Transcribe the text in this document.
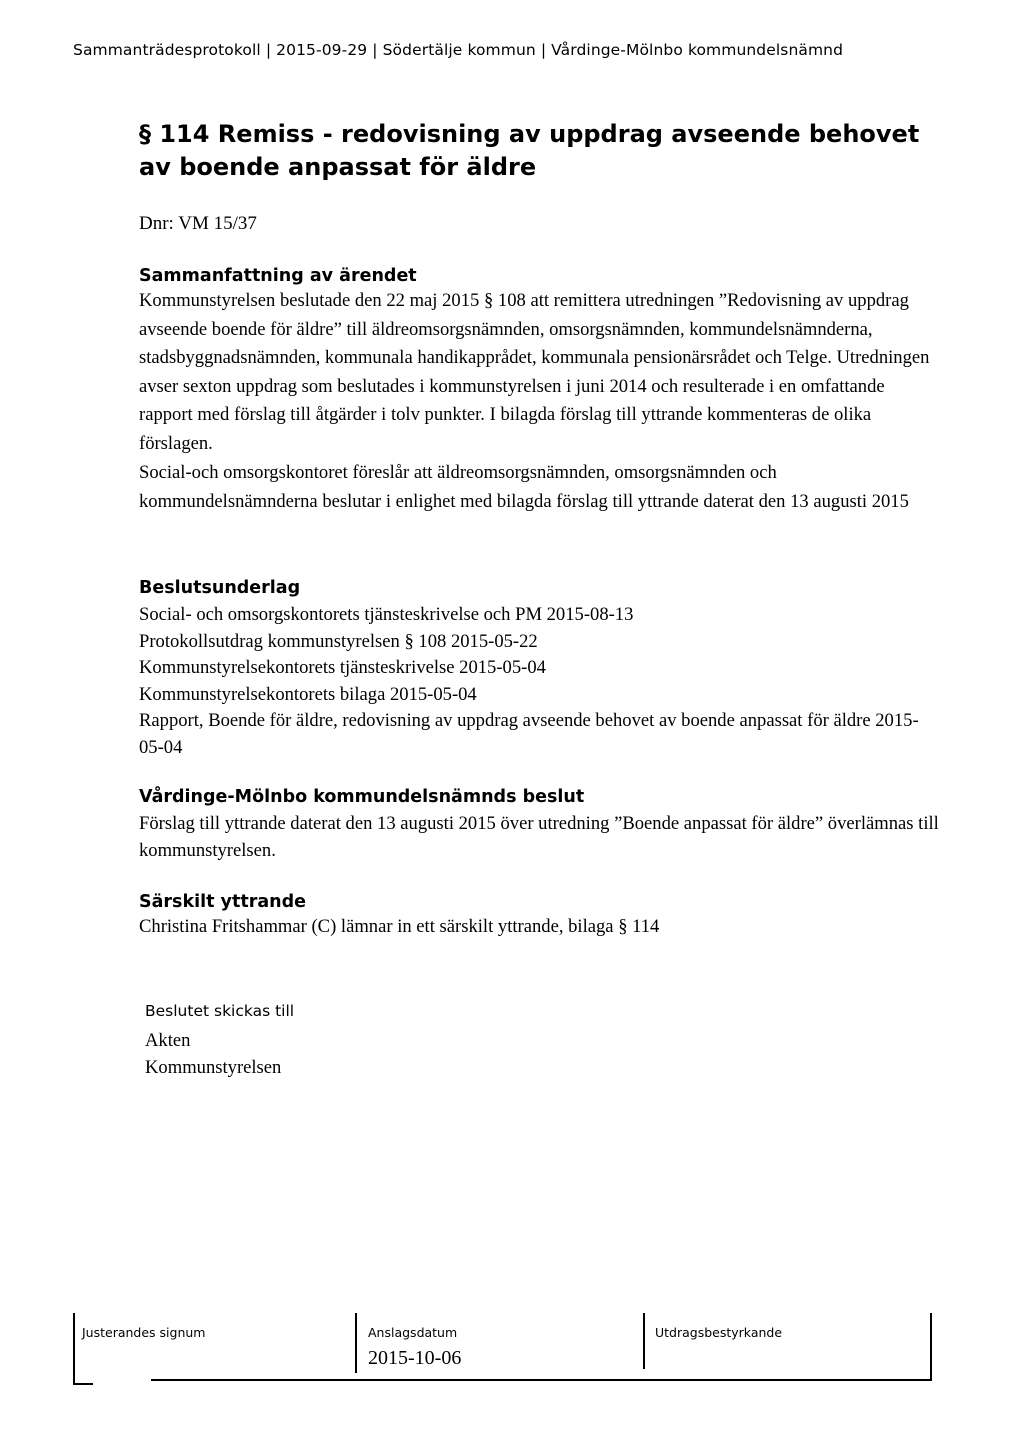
Sammanträdesprotokoll | 2015-09-29 | Södertälje kommun | Vårdinge-Mölnbo kommundelsnämnd
§ 114 Remiss - redovisning av uppdrag avseende behovet av boende anpassat för äldre
Dnr: VM 15/37
Sammanfattning av ärendet

Kommunstyrelsen beslutade den 22 maj 2015 § 108 att remittera utredningen ”Redovisning av uppdrag avseende boende för äldre” till äldreomsorgsnämnden, omsorgsnämnden, kommundelsnämnderna, stadsbyggnadsnämnden, kommunala handikapprådet, kommunala pensionärsrådet och Telge. Utredningen avser sexton uppdrag som beslutades i kommunstyrelsen i juni 2014 och resulterade i en omfattande rapport med förslag till åtgärder i tolv punkter. I bilagda förslag till yttrande kommenteras de olika förslagen.

Social-och omsorgskontoret föreslår att äldreomsorgsnämnden, omsorgsnämnden och kommundelsnämnderna beslutar i enlighet med bilagda förslag till yttrande daterat den 13 augusti 2015

Beslutsunderlag
Social- och omsorgskontorets tjänsteskrivelse och PM 2015-08-13
Protokollsutdrag kommunstyrelsen § 108 2015-05-22
Kommunstyrelsekontorets tjänsteskrivelse 2015-05-04
Kommunstyrelsekontorets bilaga 2015-05-04
Rapport, Boende för äldre, redovisning av uppdrag avseende behovet av boende anpassat för äldre 2015-05-04
Vårdinge-Mölnbo kommundelsnämnds beslut

Förslag till yttrande daterat den 13 augusti 2015 över utredning ”Boende anpassat för äldre” överlämnas till kommunstyrelsen.

Särskilt yttrande

Christina Fritshammar (C) lämnar in ett särskilt yttrande, bilaga § 114

Beslutet skickas till
Akten
Kommunstyrelsen
Justerandes signum	Anslagsdatum
2015-10-06
Utdragsbestyrkande
